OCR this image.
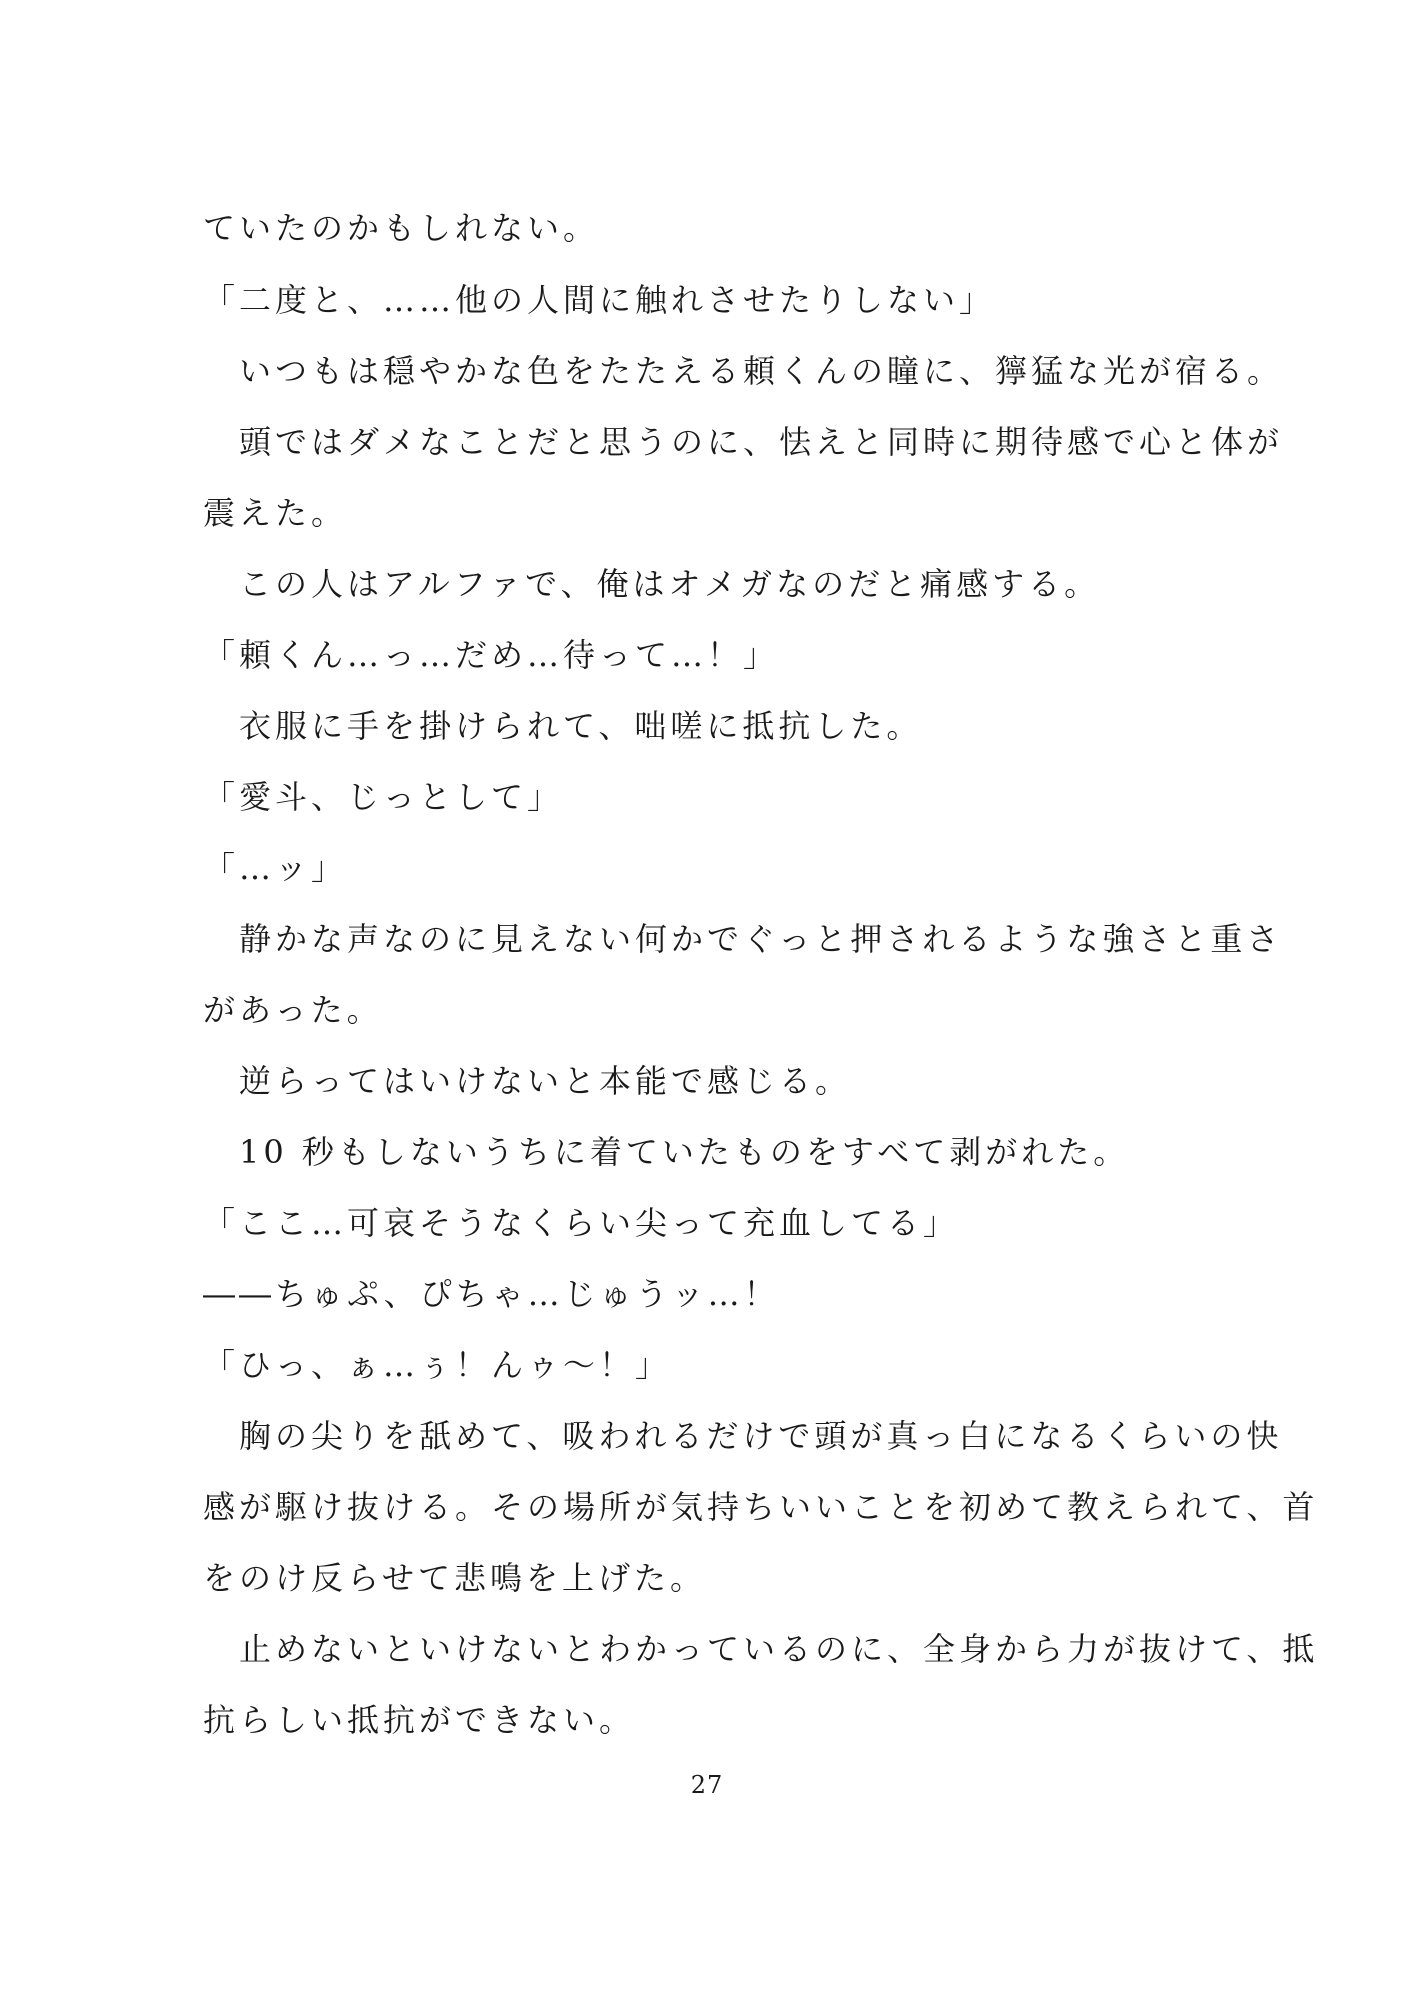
ていたのかもしれない。
「二度と、……他の人間に触れさせたりしない」
　いつもは穏やかな色をたたえる頼くんの瞳に、獰猛な光が宿る。
　頭ではダメなことだと思うのに、怯えと同時に期待感で心と体が
震えた。
　この人はアルファで、俺はオメガなのだと痛感する。
「頼くん…っ…だめ…待って…！」
　衣服に手を掛けられて、咄嗟に抵抗した。
「愛斗、じっとして」
「…ッ」
　静かな声なのに見えない何かでぐっと押されるような強さと重さ
があった。
　逆らってはいけないと本能で感じる。
　10 秒もしないうちに着ていたものをすべて剥がれた。
「ここ…可哀そうなくらい尖って充血してる」
――ちゅぷ、ぴちゃ…じゅうッ…！
「ひっ、ぁ…ぅ！んゥ～！」
　胸の尖りを舐めて、吸われるだけで頭が真っ白になるくらいの快
感が駆け抜ける。その場所が気持ちいいことを初めて教えられて、首
をのけ反らせて悲鳴を上げた。
　止めないといけないとわかっているのに、全身から力が抜けて、抵
抗らしい抵抗ができない。
27
